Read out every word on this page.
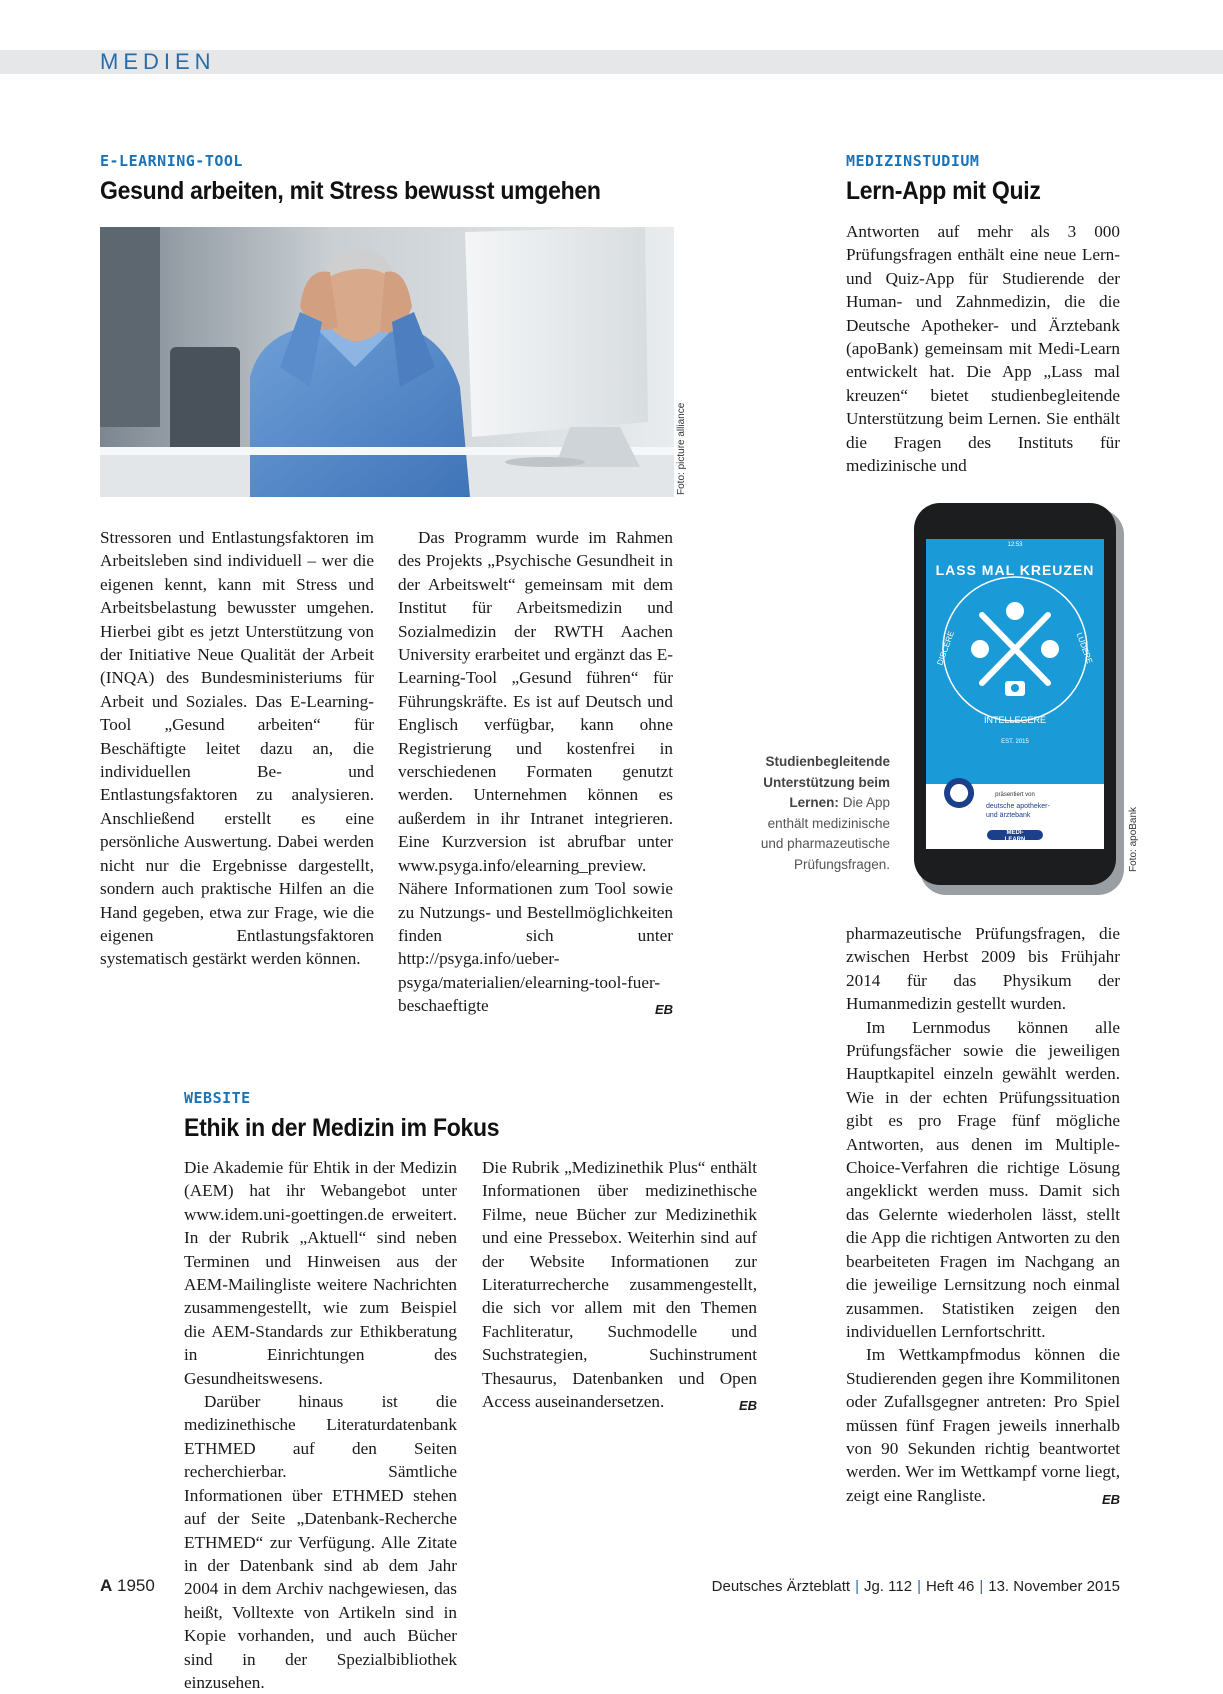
MEDIEN
E-LEARNING-TOOL
Gesund arbeiten, mit Stress bewusst umgehen
Foto: picture alliance

Stressoren und Entlastungsfaktoren im Arbeitsleben sind individuell – wer die eigenen kennt, kann mit Stress und Arbeitsbelastung bewusster umgehen. Hierbei gibt es jetzt Unterstützung von der Initiative Neue Qualität der Arbeit (INQA) des Bundesministeriums für Arbeit und Soziales. Das E-Learning-Tool „Gesund arbeiten“ für Beschäftigte leitet dazu an, die individuellen Be- und Entlastungsfaktoren zu analysieren. Anschließend erstellt es eine persönliche Auswertung. Dabei werden nicht nur die Ergebnisse dargestellt, sondern auch praktische Hilfen an die Hand gegeben, etwa zur Frage, wie die eigenen Entlastungsfaktoren systematisch gestärkt werden können.

Das Programm wurde im Rahmen des Projekts „Psychische Gesundheit in der Arbeitswelt“ gemeinsam mit dem Institut für Arbeitsmedizin und Sozialmedizin der RWTH Aachen University erarbeitet und ergänzt das E-Learning-Tool „Gesund führen“ für Führungskräfte. Es ist auf Deutsch und Englisch verfügbar, kann ohne Registrierung und kostenfrei in verschiedenen Formaten genutzt werden. Unternehmen können es außerdem in ihr Intranet integrieren. Eine Kurzversion ist abrufbar unter www.psyga.info/elearning_preview. Nähere Informationen zum Tool sowie zu Nutzungs- und Bestellmöglichkeiten finden sich unter http://psyga.info/ueber-psyga/materialien/elearning-tool-fuer-beschaeftigte	EB

WEBSITE
Ethik in der Medizin im Fokus

Die Akademie für Ehtik in der Medizin (AEM) hat ihr Webangebot unter www.idem.uni-goettingen.de erweitert. In der Rubrik „Aktuell“ sind neben Terminen und Hinweisen aus der AEM-Mailingliste weitere Nachrichten zusammengestellt, wie zum Beispiel die AEM-Standards zur Ethikberatung in Einrichtungen des Gesundheitswesens.

Darüber hinaus ist die medizinethische Literaturdatenbank ETHMED auf den Seiten recherchierbar. Sämtliche Informationen über ETHMED stehen auf der Seite „Datenbank-Recherche ETHMED“ zur Verfügung. Alle Zitate in der Datenbank sind ab dem Jahr 2004 in dem Archiv nachgewiesen, das heißt, Volltexte von Artikeln sind in Kopie vorhanden, und auch Bücher sind in der Spezialbibliothek einzusehen.

Die Rubrik „Medizinethik Plus“ enthält Informationen über medizinethische Filme, neue Bücher zur Medizinethik und eine Pressebox. Weiterhin sind auf der Website Informationen zur Literaturrecherche zusammengestellt, die sich vor allem mit den Themen Fachliteratur, Suchmodelle und Suchstrategien, Suchinstrument Thesaurus, Datenbanken und Open Access auseinandersetzen.	EB

MEDIZINSTUDIUM
Lern-App mit Quiz

Antworten auf mehr als 3 000 Prüfungsfragen enthält eine neue Lern- und Quiz-App für Studierende der Human- und Zahnmedizin, die die Deutsche Apotheker- und Ärztebank (apoBank) gemeinsam mit Medi-Learn entwickelt hat. Die App „Lass mal kreuzen“ bietet studienbegleitende Unterstützung beim Lernen. Sie enthält die Fragen des Instituts für medizinische und

12:53
LASS MAL KREUZEN
DISCERE	LUDERE
INTELLEGERE
EST. 2015
präsentiert von
deutsche apotheker-
und ärztebank
MEDI-
LEARN	Foto: apoBank
Studienbegleitende Unterstützung beim Lernen: Die App enthält medizinische und pharmazeutische Prüfungsfragen.

pharmazeutische Prüfungsfragen, die zwischen Herbst 2009 bis Frühjahr 2014 für das Physikum der Humanmedizin gestellt wurden.

Im Lernmodus können alle Prüfungsfächer sowie die jeweiligen Hauptkapitel einzeln gewählt werden. Wie in der echten Prüfungssituation gibt es pro Frage fünf mögliche Antworten, aus denen im Multiple-Choice-Verfahren die richtige Lösung angeklickt werden muss. Damit sich das Gelernte wiederholen lässt, stellt die App die richtigen Antworten zu den bearbeiteten Fragen im Nachgang an die jeweilige Lernsitzung noch einmal zusammen. Statistiken zeigen den individuellen Lernfortschritt.

Im Wettkampfmodus können die Studierenden gegen ihre Kommilitonen oder Zufallsgegner antreten: Pro Spiel müssen fünf Fragen jeweils innerhalb von 90 Sekunden richtig beantwortet werden. Wer im Wettkampf vorne liegt, zeigt eine Rangliste.	EB

A 1950	Deutsches Ärzteblatt | Jg. 112 | Heft 46 | 13. November 2015
